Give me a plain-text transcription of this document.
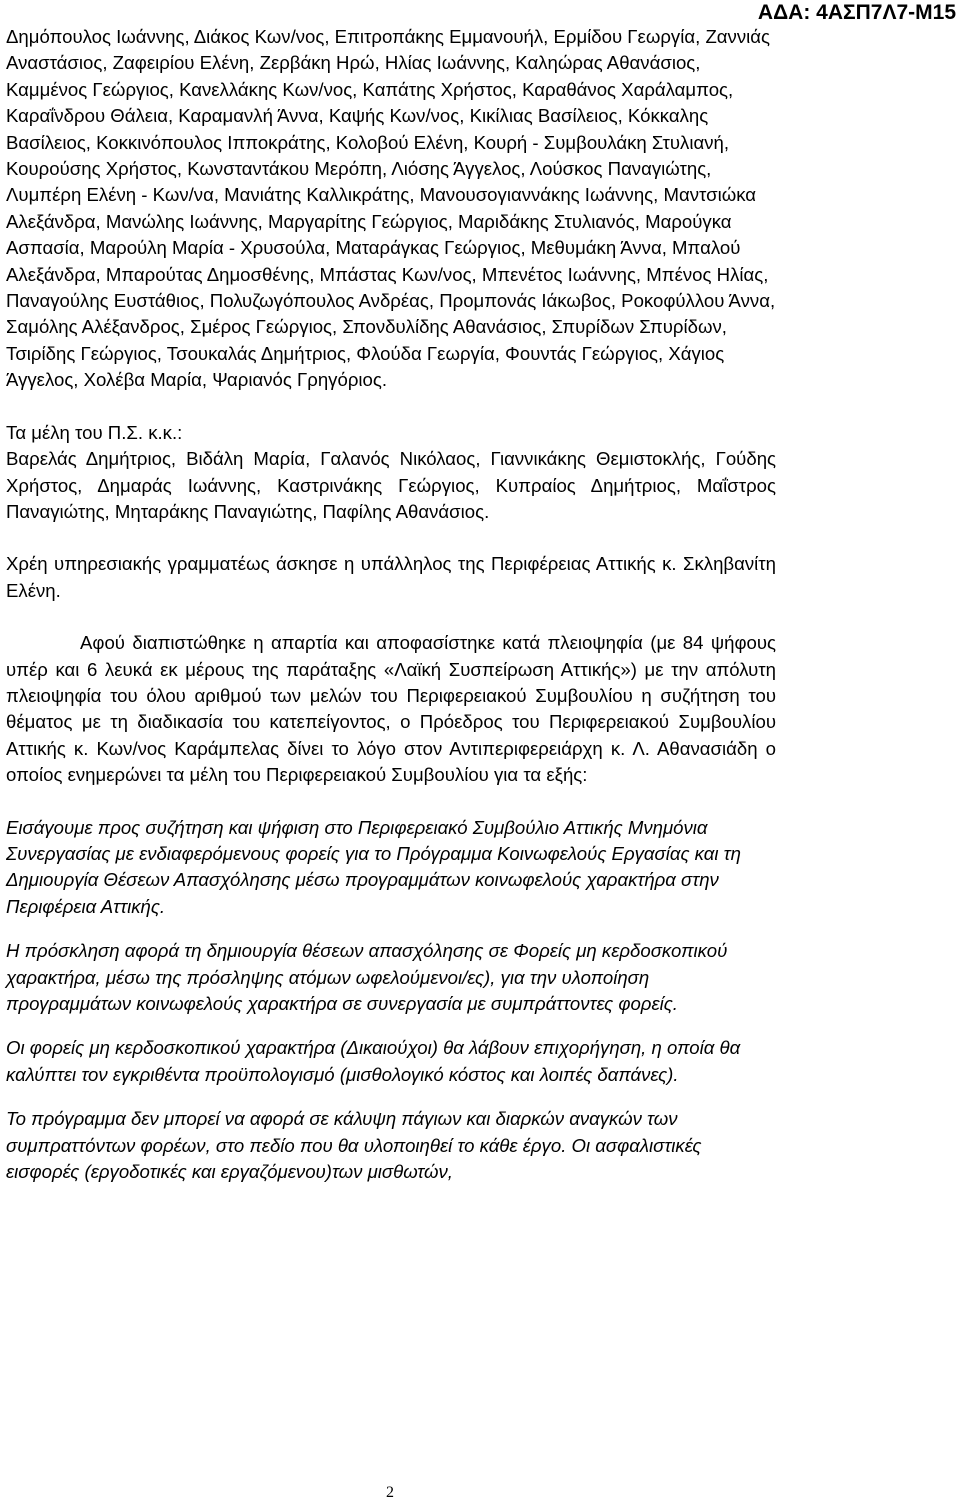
ΑΔΑ: 4ΑΣΠ7Λ7-Μ15

Δημόπουλος Ιωάννης, Διάκος Κων/νος, Επιτροπάκης Εμμανουήλ, Ερμίδου Γεωργία, Ζαννιάς Αναστάσιος, Ζαφειρίου Ελένη, Ζερβάκη Ηρώ, Ηλίας Ιωάννης, Καληώρας Αθανάσιος, Καμμένος Γεώργιος, Κανελλάκης Κων/νος, Καπάτης Χρήστος, Καραθάνος Χαράλαμπος, Καραΐνδρου Θάλεια, Καραμανλή Άννα, Καψής Κων/νος, Κικίλιας Βασίλειος, Κόκκαλης Βασίλειος, Κοκκινόπουλος Ιπποκράτης, Κολοβού Ελένη, Κουρή - Συμβουλάκη Στυλιανή, Κουρούσης Χρήστος, Κωνσταντάκου Μερόπη, Λιόσης Άγγελος, Λούσκος Παναγιώτης, Λυμπέρη Ελένη - Κων/να, Μανιάτης Καλλικράτης, Μανουσογιαννάκης Ιωάννης, Μαντσιώκα Αλεξάνδρα, Μανώλης Ιωάννης, Μαργαρίτης Γεώργιος, Μαριδάκης Στυλιανός, Μαρούγκα Ασπασία, Μαρούλη Μαρία - Χρυσούλα, Ματαράγκας Γεώργιος, Μεθυμάκη Άννα, Μπαλού Αλεξάνδρα, Μπαρούτας Δημοσθένης, Μπάστας Κων/νος, Μπενέτος Ιωάννης, Μπένος Ηλίας, Παναγούλης Ευστάθιος, Πολυζωγόπουλος Ανδρέας, Προμπονάς Ιάκωβος, Ροκοφύλλου Άννα, Σαμόλης Αλέξανδρος, Σμέρος Γεώργιος, Σπονδυλίδης Αθανάσιος, Σπυρίδων Σπυρίδων, Τσιρίδης Γεώργιος, Τσουκαλάς Δημήτριος, Φλούδα Γεωργία, Φουντάς Γεώργιος, Χάγιος Άγγελος, Χολέβα Μαρία, Ψαριανός Γρηγόριος.

Τα μέλη του Π.Σ. κ.κ.:

Βαρελάς Δημήτριος, Βιδάλη Μαρία, Γαλανός Νικόλαος, Γιαννικάκης Θεμιστοκλής, Γούδης Χρήστος, Δημαράς Ιωάννης, Καστρινάκης Γεώργιος, Κυπραίος Δημήτριος, Μαΐστρος Παναγιώτης, Μηταράκης Παναγιώτης, Παφίλης Αθανάσιος.

Χρέη υπηρεσιακής γραμματέως άσκησε η υπάλληλος της Περιφέρειας Αττικής κ. Σκληβανίτη Ελένη.

Αφού διαπιστώθηκε η απαρτία και αποφασίστηκε κατά πλειοψηφία (με 84 ψήφους υπέρ και 6 λευκά εκ μέρους της παράταξης «Λαϊκή Συσπείρωση Αττικής») με την απόλυτη πλειοψηφία του όλου αριθμού των μελών του Περιφερειακού Συμβουλίου η συζήτηση του θέματος με τη διαδικασία του κατεπείγοντος, ο Πρόεδρος του Περιφερειακού Συμβουλίου Αττικής κ. Κων/νος Καράμπελας δίνει το λόγο στον Αντιπεριφερειάρχη κ. Λ. Αθανασιάδη ο οποίος ενημερώνει τα μέλη του Περιφερειακού Συμβουλίου για τα εξής:

Εισάγουμε προς συζήτηση και ψήφιση στο Περιφερειακό Συμβούλιο Αττικής Μνημόνια Συνεργασίας με ενδιαφερόμενους φορείς για το Πρόγραμμα Κοινωφελούς Εργασίας και τη Δημιουργία Θέσεων Απασχόλησης μέσω προγραμμάτων κοινωφελούς χαρακτήρα στην Περιφέρεια Αττικής.

Η πρόσκληση αφορά τη δημιουργία θέσεων απασχόλησης σε Φορείς μη κερδοσκοπικού χαρακτήρα, μέσω της πρόσληψης ατόμων ωφελούμενοι/ες), για την υλοποίηση προγραμμάτων κοινωφελούς χαρακτήρα σε συνεργασία με συμπράττοντες φορείς.

Οι φορείς μη κερδοσκοπικού χαρακτήρα (Δικαιούχοι) θα λάβουν επιχορήγηση, η οποία θα καλύπτει τον εγκριθέντα προϋπολογισμό (μισθολογικό κόστος και λοιπές δαπάνες).

Το πρόγραμμα δεν μπορεί να αφορά σε κάλυψη πάγιων και διαρκών αναγκών των συμπραττόντων φορέων, στο πεδίο που θα υλοποιηθεί το κάθε έργο. Οι ασφαλιστικές εισφορές (εργοδοτικές και εργαζόμενου)των μισθωτών,

2
